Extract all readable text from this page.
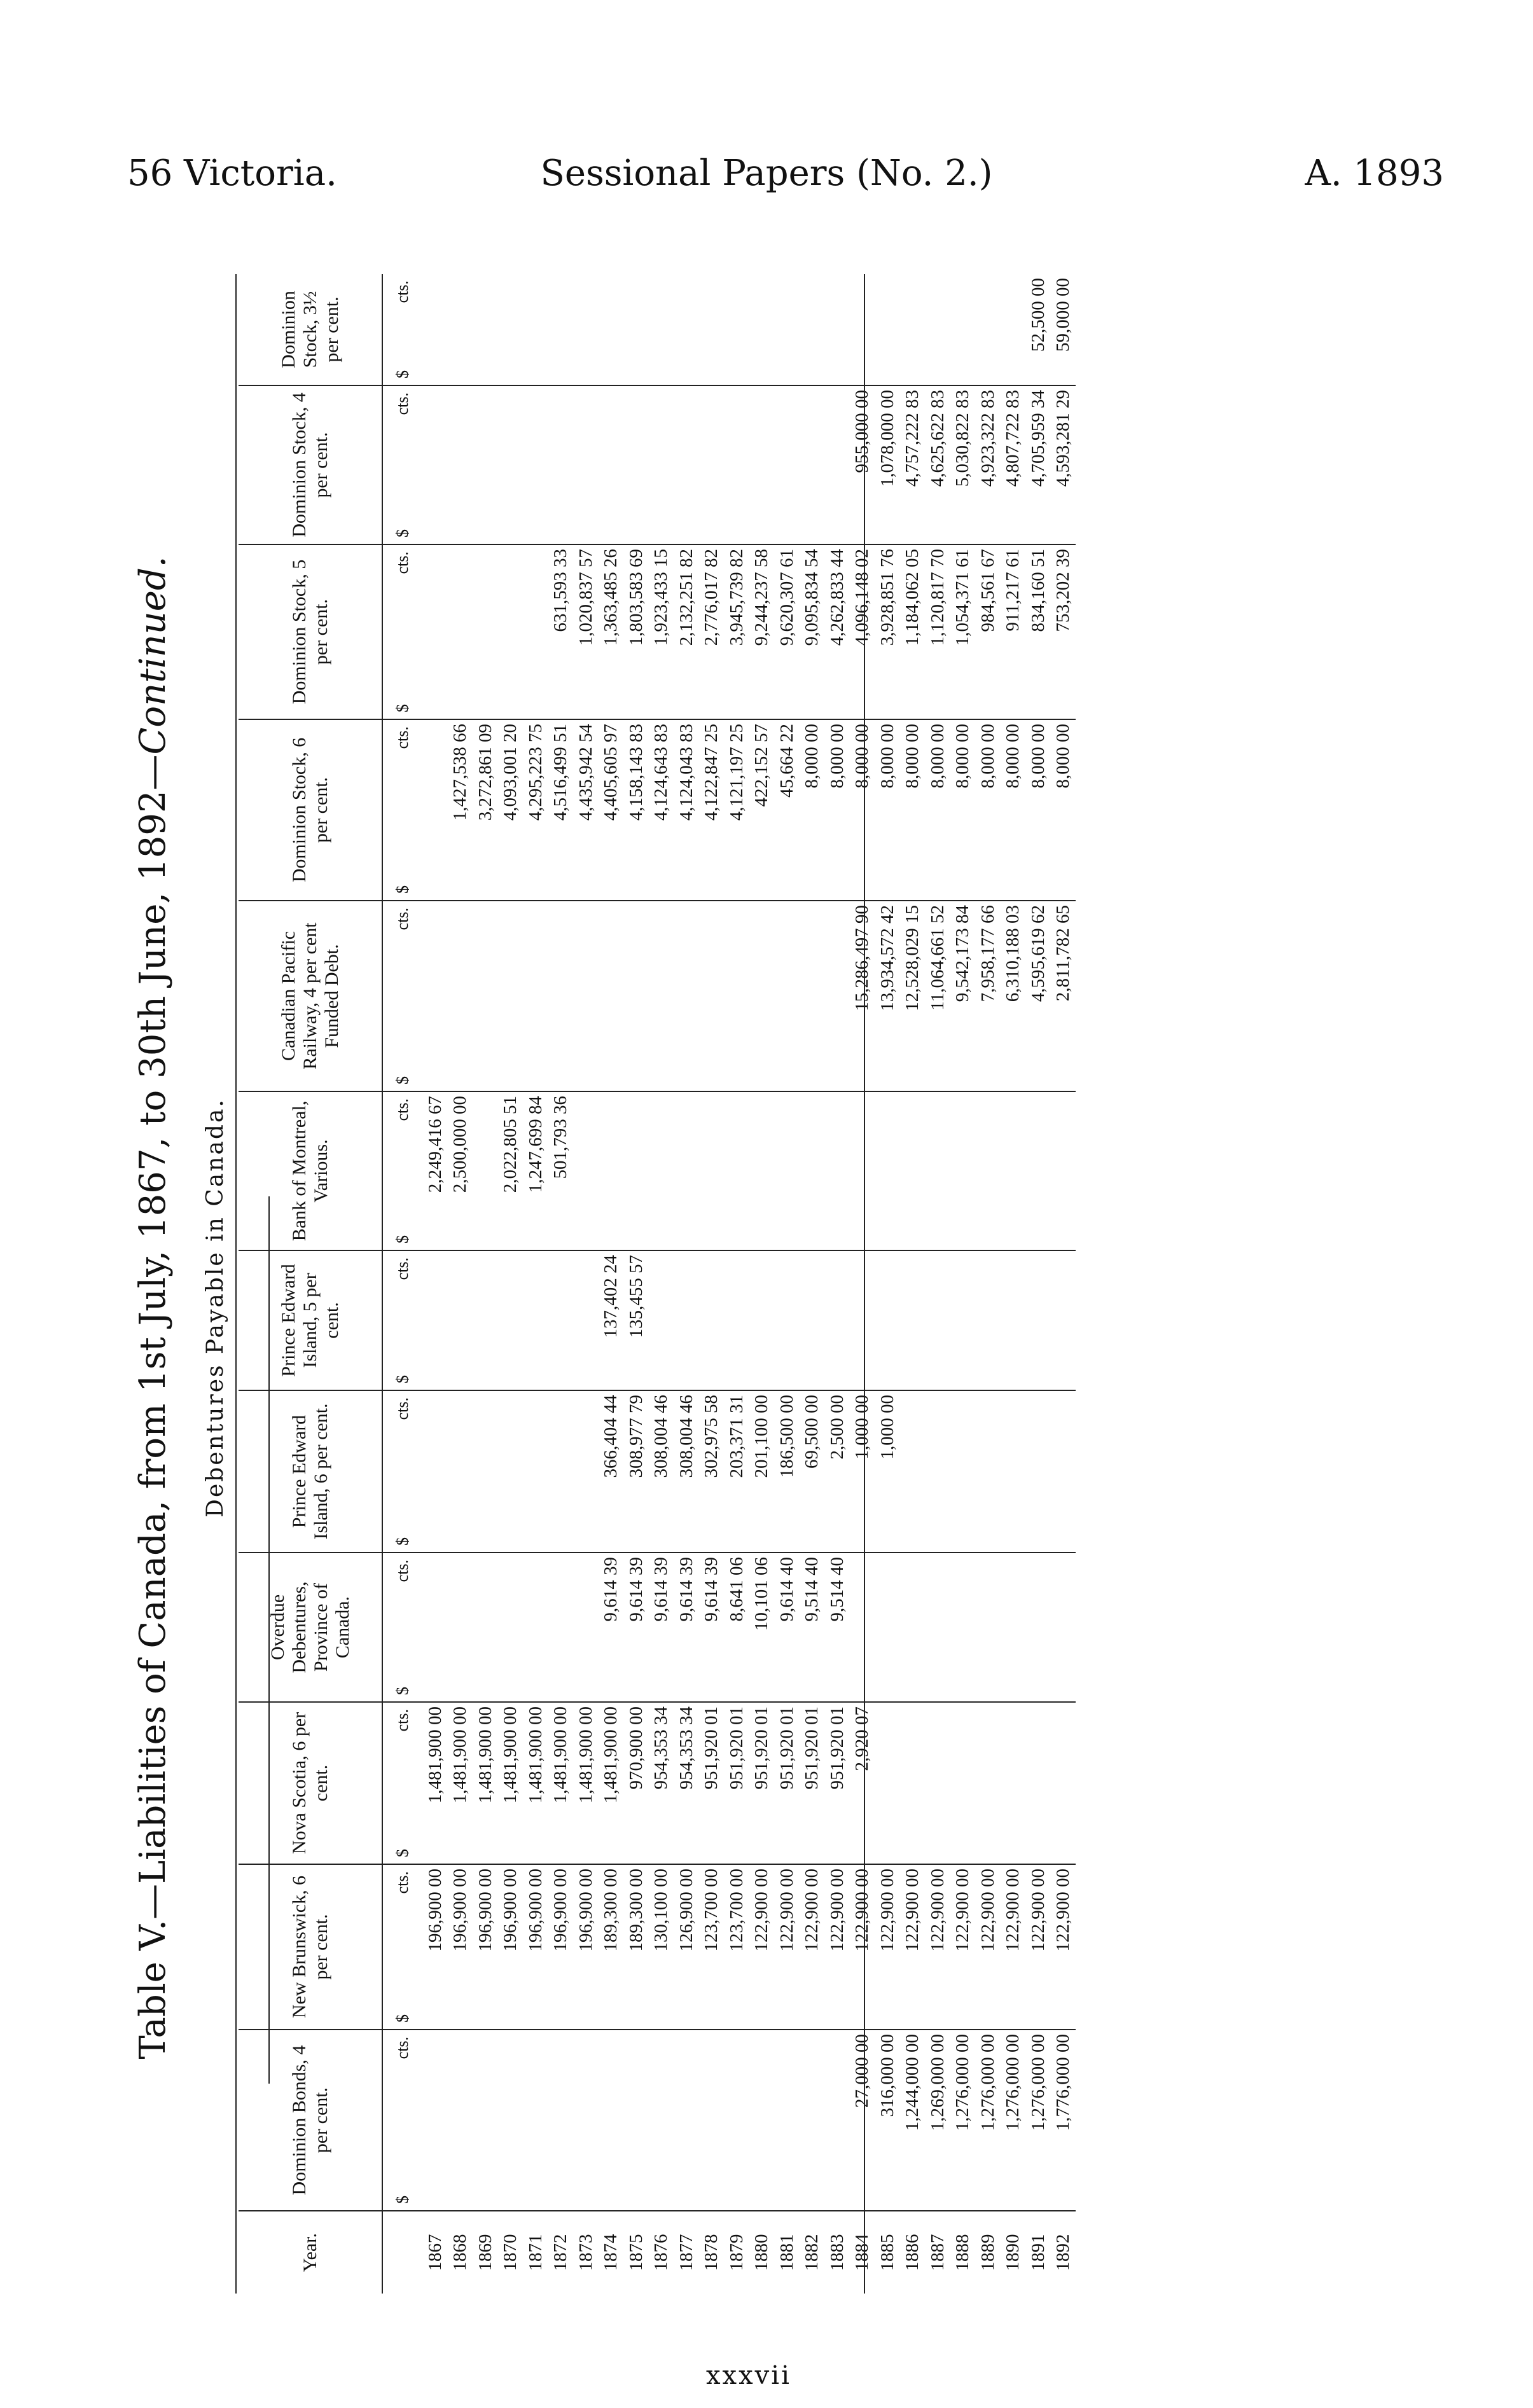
56 Victoria.	Sessional Papers (No. 2.)	A. 1893
Table V.—Liabilities of Canada, from 1st July, 1867, to 30th June, 1892—Continued.
Debentures Payable in Canada.
Year.	Dominion Bonds, 4 per cent.	New Brunswick, 6 per cent.	Nova Scotia, 6 per cent.	Overdue Debentures, Province of Canada.	Prince Edward Island, 6 per cent.	Prince Edward Island, 5 per cent.	Bank of Montreal, Various.	Canadian Pacific Railway, 4 per cent Funded Debt.	Dominion Stock, 6 per cent.	Dominion Stock, 5 per cent.	Dominion Stock, 4 per cent.	Dominion Stock, 3½ per cent.

	$
cts.	$
cts.	$
cts.	$
cts.	$
cts.	$
cts.	$
cts.	$
cts.	$
cts.	$
cts.	$
cts.	$
cts.

1867		196,900 00	1,481,900 00				2,249,416 67					
1868		196,900 00	1,481,900 00				2,500,000 00		1,427,538 66			
1869		196,900 00	1,481,900 00						3,272,861 09			
1870		196,900 00	1,481,900 00				2,022,805 51		4,093,001 20			
1871		196,900 00	1,481,900 00				1,247,699 84		4,295,223 75			
1872		196,900 00	1,481,900 00				501,793 36		4,516,499 51	631,593 33		
1873		196,900 00	1,481,900 00						4,435,942 54	1,020,837 57		
1874		189,300 00	1,481,900 00	9,614 39	366,404 44	137,402 24			4,405,605 97	1,363,485 26		
1875		189,300 00	970,900 00	9,614 39	308,977 79	135,455 57			4,158,143 83	1,803,583 69		
1876		130,100 00	954,353 34	9,614 39	308,004 46				4,124,643 83	1,923,433 15		
1877		126,900 00	954,353 34	9,614 39	308,004 46				4,124,043 83	2,132,251 82		
1878		123,700 00	951,920 01	9,614 39	302,975 58				4,122,847 25	2,776,017 82		
1879		123,700 00	951,920 01	8,641 06	203,371 31				4,121,197 25	3,945,739 82		
1880		122,900 00	951,920 01	10,101 06	201,100 00				422,152 57	9,244,237 58		
1881		122,900 00	951,920 01	9,614 40	186,500 00				45,664 22	9,620,307 61		
1882		122,900 00	951,920 01	9,514 40	69,500 00				8,000 00	9,095,834 54		
1883		122,900 00	951,920 01	9,514 40	2,500 00				8,000 00	4,262,833 44		
1884	27,000 00	122,900 00	2,920 07		1,000 00			15,286,497 90	8,000 00	4,096,148 02	955,000 00	
1885	316,000 00	122,900 00			1,000 00			13,934,572 42	8,000 00	3,928,851 76	1,078,000 00	
1886	1,244,000 00	122,900 00						12,528,029 15	8,000 00	1,184,062 05	4,757,222 83	
1887	1,269,000 00	122,900 00						11,064,661 52	8,000 00	1,120,817 70	4,625,622 83	
1888	1,276,000 00	122,900 00						9,542,173 84	8,000 00	1,054,371 61	5,030,822 83	
1889	1,276,000 00	122,900 00						7,958,177 66	8,000 00	984,561 67	4,923,322 83	
1890	1,276,000 00	122,900 00						6,310,188 03	8,000 00	911,217 61	4,807,722 83	
1891	1,276,000 00	122,900 00						4,595,619 62	8,000 00	834,160 51	4,705,959 34	52,500 00
1892	1,776,000 00	122,900 00						2,811,782 65	8,000 00	753,202 39	4,593,281 29	59,000 00
xxxvii
